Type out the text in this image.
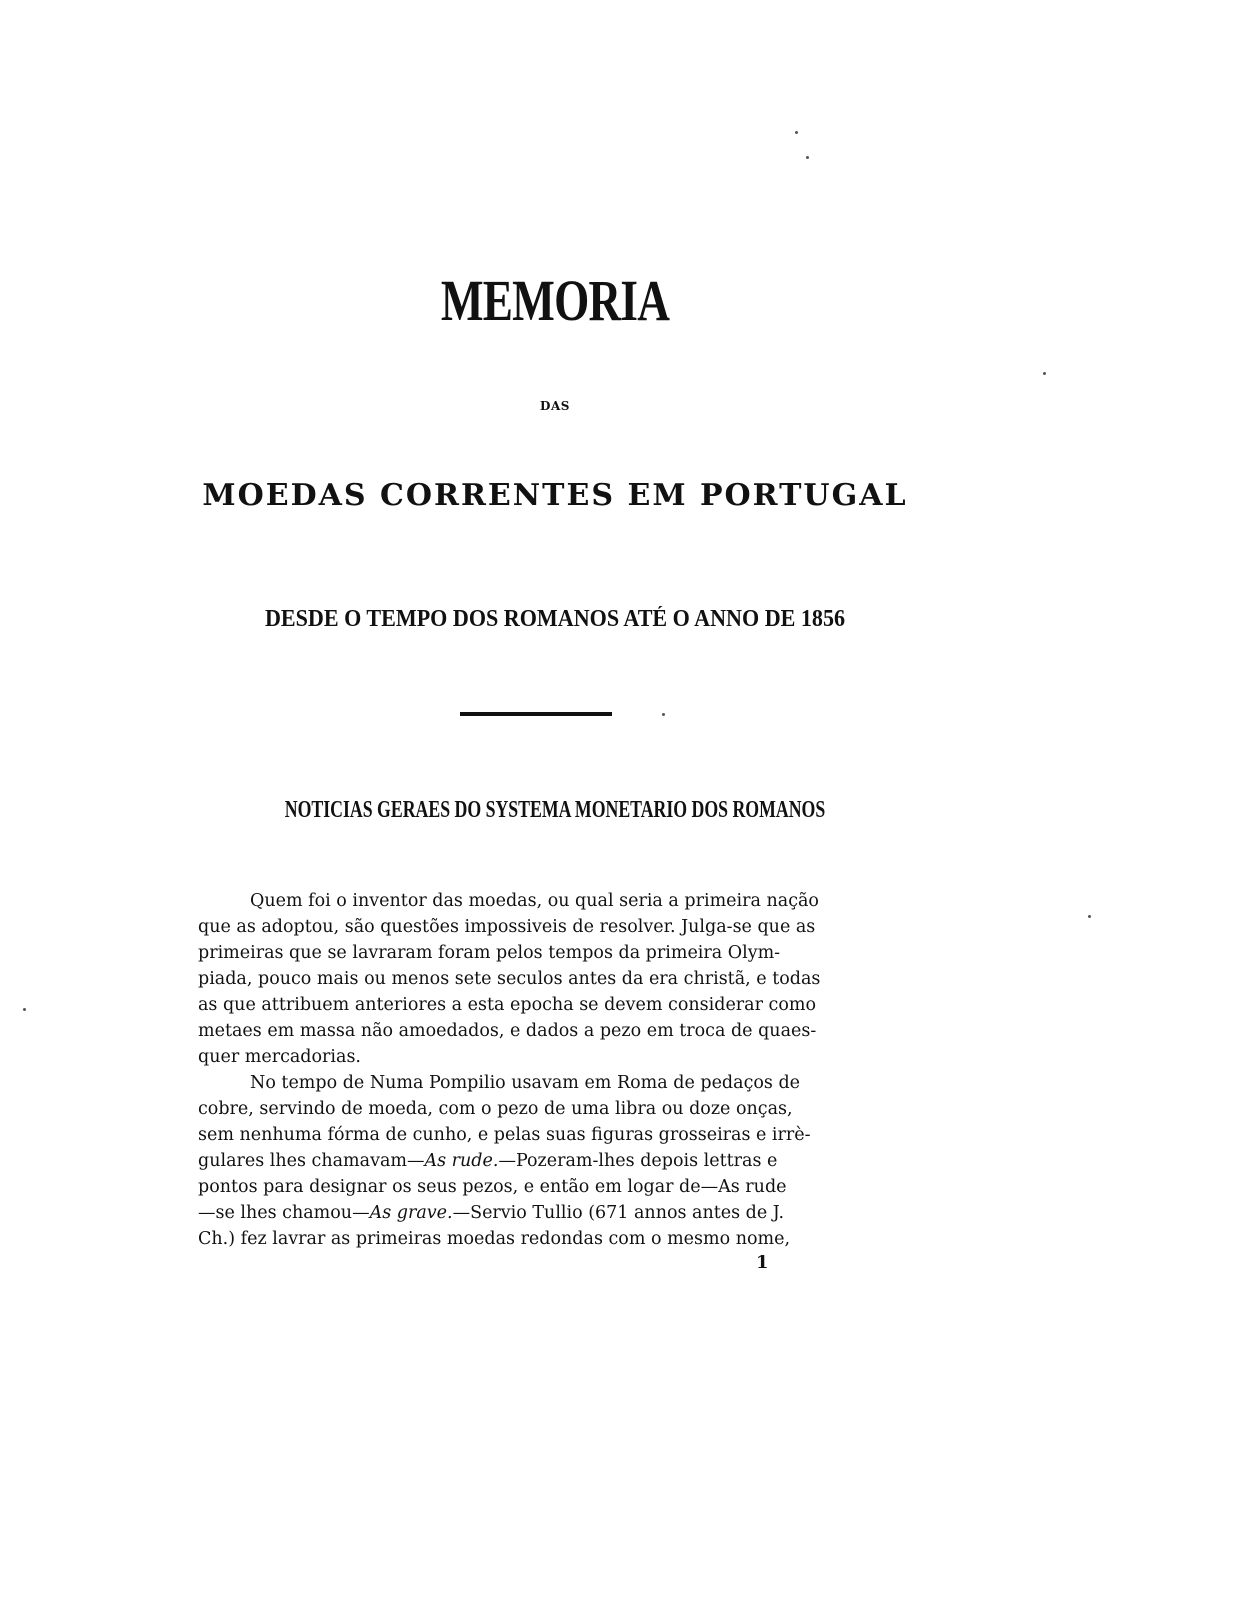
MEMORIA
DAS
MOEDAS CORRENTES EM PORTUGAL
DESDE O TEMPO DOS ROMANOS ATÉ O ANNO DE 1856
NOTICIAS GERAES DO SYSTEMA MONETARIO DOS ROMANOS
Quem foi o inventor das moedas, ou qual seria a primeira nação
que as adoptou, são questões impossiveis de resolver. Julga-se que as
primeiras que se lavraram foram pelos tempos da primeira Olym-
piada, pouco mais ou menos sete seculos antes da era christã, e todas
as que attribuem anteriores a esta epocha se devem considerar como
metaes em massa não amoedados, e dados a pezo em troca de quaes-
quer mercadorias.
No tempo de Numa Pompilio usavam em Roma de pedaços de
cobre, servindo de moeda, com o pezo de uma libra ou doze onças,
sem nenhuma fórma de cunho, e pelas suas figuras grosseiras e irrè-
gulares lhes chamavam—As rude.—Pozeram-lhes depois lettras e
pontos para designar os seus pezos, e então em logar de—As rude
—se lhes chamou—As grave.—Servio Tullio (671 annos antes de J.
Ch.) fez lavrar as primeiras moedas redondas com o mesmo nome,
1
